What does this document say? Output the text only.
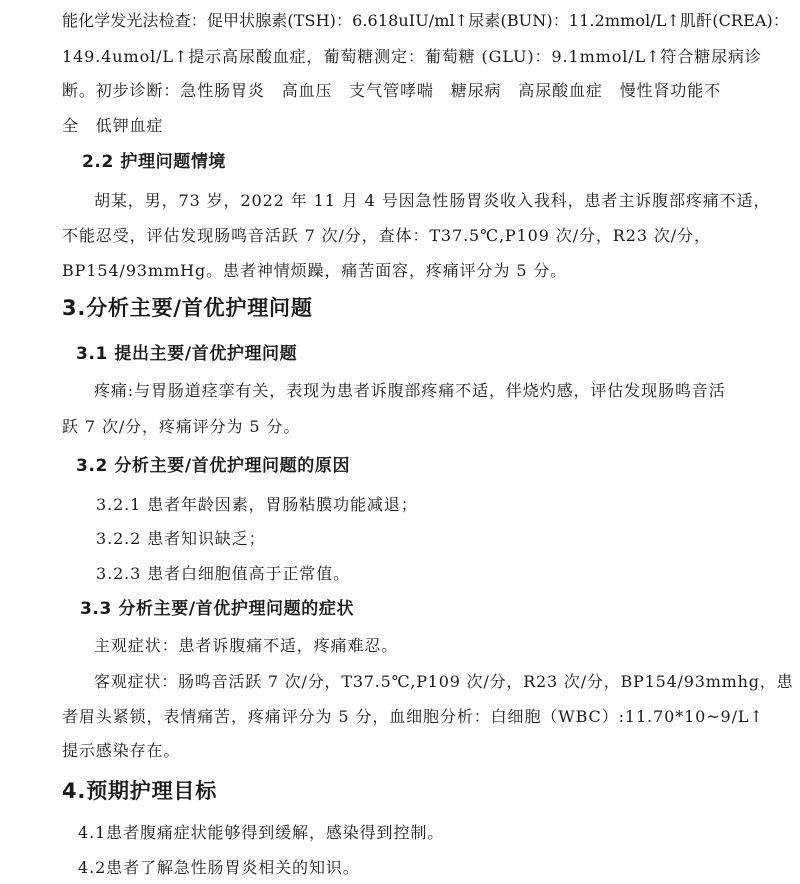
能化学发光法检查：促甲状腺素(TSH)：6.618uIU/ml↑尿素(BUN)：11.2mmol/L↑肌酐(CREA)：
149.4umol/L↑提示高尿酸血症，葡萄糖测定：葡萄糖 (GLU)：9.1mmol/L↑符合糖尿病诊
断。初步诊断：急性肠胃炎　高血压　支气管哮喘　糖尿病　高尿酸血症　慢性肾功能不
全　低钾血症
2.2 护理问题情境
胡某，男，73 岁，2022 年 11 月 4 号因急性肠胃炎收入我科，患者主诉腹部疼痛不适，
不能忍受，评估发现肠鸣音活跃 7 次/分，查体：T37.5℃,P109 次/分，R23 次/分，
BP154/93mmHg。患者神情烦躁，痛苦面容，疼痛评分为 5 分。
3.分析主要/首优护理问题
3.1 提出主要/首优护理问题
疼痛:与胃肠道痉挛有关，表现为患者诉腹部疼痛不适，伴烧灼感，评估发现肠鸣音活
跃 7 次/分，疼痛评分为 5 分。
3.2 分析主要/首优护理问题的原因
3.2.1 患者年龄因素，胃肠粘膜功能减退；
3.2.2 患者知识缺乏；
3.2.3 患者白细胞值高于正常值。
3.3 分析主要/首优护理问题的症状
主观症状：患者诉腹痛不适，疼痛难忍。
客观症状：肠鸣音活跃 7 次/分，T37.5℃,P109 次/分，R23 次/分，BP154/93mmhg，患
者眉头紧锁，表情痛苦，疼痛评分为 5 分，血细胞分析：白细胞（WBC）:11.70*10~9/L↑
提示感染存在。
4.预期护理目标
4.1患者腹痛症状能够得到缓解，感染得到控制。
4.2患者了解急性肠胃炎相关的知识。
